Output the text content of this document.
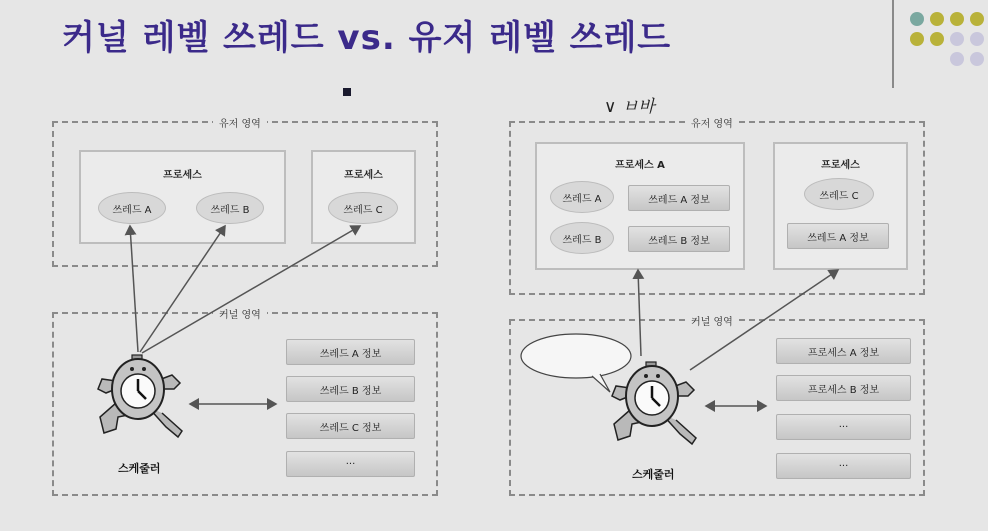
커널 레벨 쓰레드 vs. 유저 레벨 쓰레드
∨ ㅂ바
유저 영역
프로세스
쓰레드 A	쓰레드 B
프로세스
쓰레드 C
커널 영역
쓰레드 A 정보
쓰레드 B 정보
쓰레드 C 정보
···
스케줄러
유저 영역
프로세스 A
쓰레드 A
쓰레드 B
쓰레드 A 정보
쓰레드 B 정보
프로세스
쓰레드 C
쓰레드 A 정보
커널 영역
프로세스 A 정보
프로세스 B 정보
···
···
스케줄러
